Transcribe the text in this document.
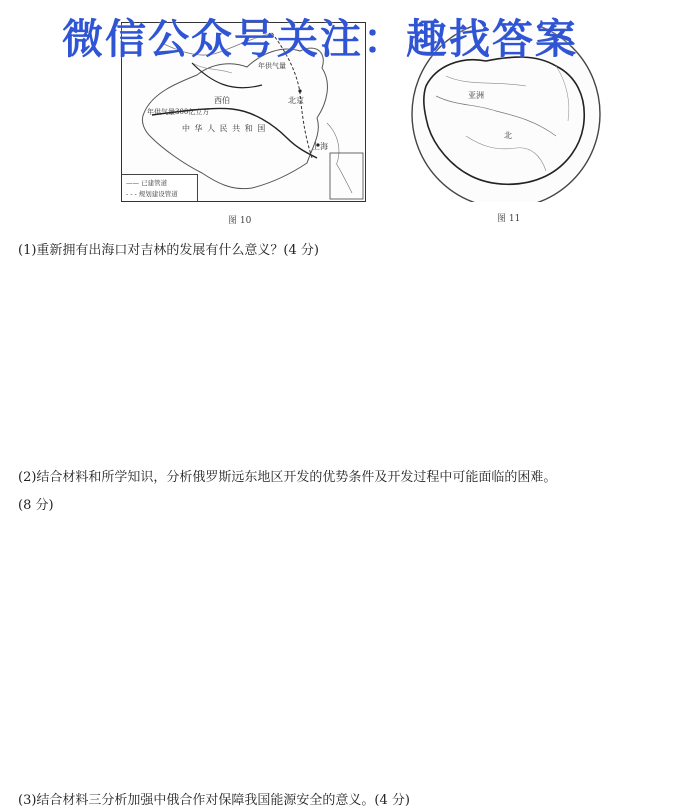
微信公众号关注：趣找答案
年供气量
西伯
年供气量300亿立方
中 华 人 民 共 和 国
北京
上海
—— 已建管道
- - - 规划建设管道
图 10
亚洲
北
图 11
(1)重新拥有出海口对吉林的发展有什么意义？(4 分)
(2)结合材料和所学知识，分析俄罗斯远东地区开发的优势条件及开发过程中可能面临的困难。
(8 分)
(3)结合材料三分析加强中俄合作对保障我国能源安全的意义。(4 分)
